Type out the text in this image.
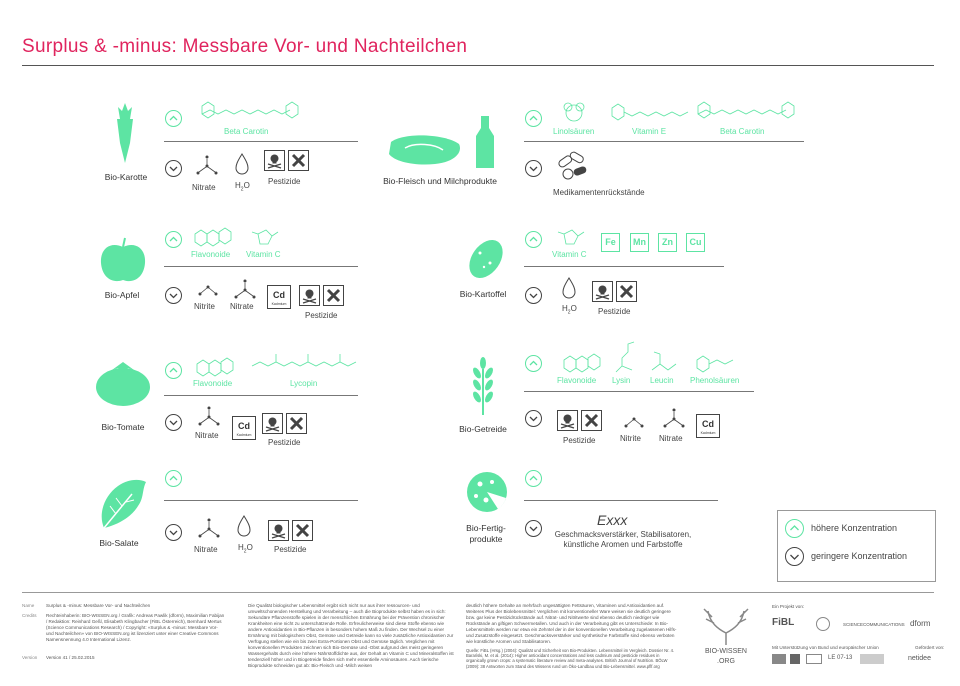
Surplus & -minus: Messbare Vor- und Nachteilchen
Bio-Karotte
Beta Carotin
Nitrate $H_2O$ Pestizide	Bio-Fleisch und Milchprodukte
Linolsäuren	Vitamin E	Beta Carotin
Medikamentenrückstände
Bio-Apfel
Flavonoide Vitamin C
Nitrite Nitrate
Cd
Kadmium
Pestizide
Bio-Kartoffel
Vitamin C
Fe	Mn	Zn	Cu
$H_2O$	Pestizide
Bio-Tomate
Flavonoide	Lycopin
Nitrate
Cd
Kadmium
Pestizide
Bio-Getreide
Flavonoide Lysin Leucin Phenolsäuren
Pestizide	Nitrite Nitrate
Cd
Kadmium
Bio-Salate
Nitrate	$H_2O$	Pestizide
Bio-Fertig-
produkte
Exxx
Geschmacksverstärker, Stabilisatoren,
künstliche Aromen und Farbstoffe
höhere Konzentration
geringere Konzentration
Name	Surplus & -minus: Messbare Vor- und Nachteilchen
Credits Rechteinhaberin: BIO-WISSEN.org / Grafik: Andreas Pawlik (dform), Maximilian Fabijan / Redaktion: Reinhard Geßl, Elisabeth Klingbacher (FiBL Österreich), Bernhard Mertus (Science Communications Research) / Copyright: «Surplus & -minus: Messbare Vor- und Nachteilchen» von BIO-WISSEN.org ist lizenziert unter einer Creative Commons Namensnennung 4.0 International Lizenz.
Version Version 41 / 25.02.2015
Die Qualität biologischer Lebensmittel ergibt sich nicht nur aus ihrer ressourcen- und umweltschonenden Herstellung und Verarbeitung – auch die Bioprodukte selbst haben es in sich: Sekundäre Pflanzenstoffe spielen in der menschlichen Ernährung bei der Prävention chronischer Krankheiten eine nicht zu unterschätzende Rolle. Erfreulicherweise sind diese Stoffe ebenso wie andere Antioxidantien in Bio-Pflanzen in besonders hohem Maß zu finden. Der Wechsel zu einer Ernährung mit biologischem Obst, Gemüse und Getreide kann so viele zusätzliche Antioxidantien zur Verfügung stellen wie ein bis zwei Extra-Portionen Obst und Gemüse täglich. Verglichen mit konventionellen Produkten zeichnen sich Bio-Gemüse und -Obst aufgrund des meist geringeren Wassergehalts durch eine höhere Nährstoffdichte aus, der Gehalt an Vitamin C und Mineralstoffen ist tendenziell höher und in Biogetreide finden sich mehr essentielle Aminosäuren. Auch tierische Bioprodukte schneiden gut ab: Bio-Fleisch und -Milch weisen
deutlich höhere Gehalte an mehrfach ungesättigten Fettsäuren, Vitaminen und Antioxidantien auf. Weiteres Plus der Biolebensmittel: Verglichen mit konventioneller Ware weisen sie deutlich geringere bzw. gar keine Pestizidrückstände auf. Nitrat- und Nitritwerte sind ebenso deutlich niedriger wie Rückstände an giftigen Schwermetallen. Und auch in der Verarbeitung gibt es Unterschiede: In Bio-Lebensmitteln werden nur etwa ein Zehntel der in der konventionellen Verarbeitung zugelassenen Hilfs- und Zusatzstoffe eingesetzt. Geschmacksverstärker und synthetische Farbstoffe sind ebenso verboten wie künstliche Aromen und Stabilisatoren.
Quelle: FiBL (Hrsg.) (2004): Qualität und Sicherheit von Bio-Produkten. Lebensmittel im Vergleich. Dossier Nr. 4. Barański, M. et al. (2014): Higher antioxidant concentrations and less cadmium and pesticide residues in organically grown crops: a systematic literature review and meta-analyses. British Journal of Nutrition. BÖLW (2009): 38 Antworten zum Stand des Wissens rund um Öko-Landbau und Bio-Lebensmittel. www.pflf.org
BIO-WISSEN
.ORG
Ein Projekt von:
FiBL	SCIENCECOMMUNICATIONS dform
Mit Unterstützung von Bund und europäischer Union
LE 07-13
Gefördert von:
netidee
